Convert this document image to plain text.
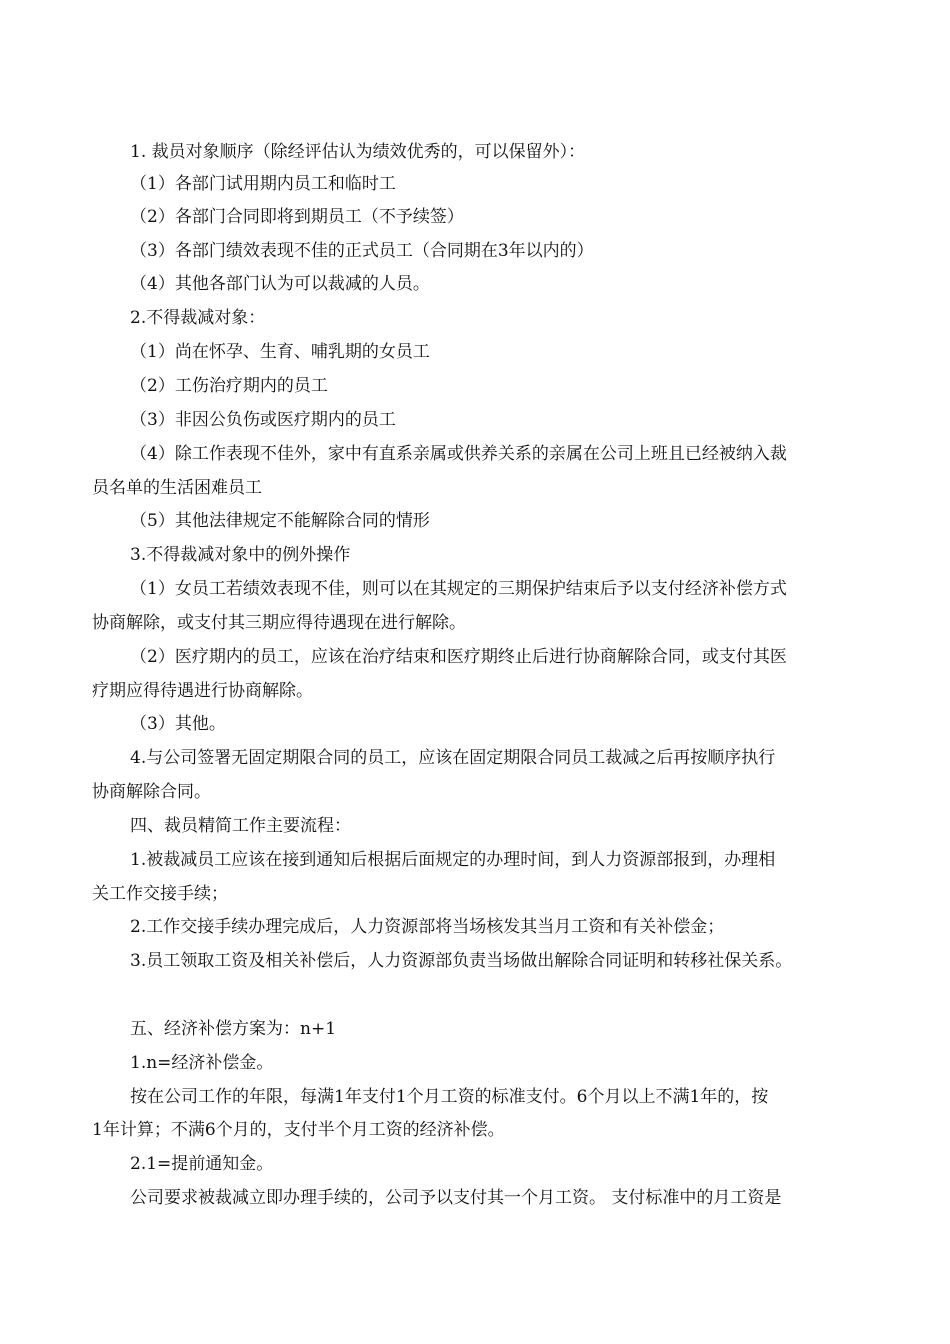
1. 裁员对象顺序（除经评估认为绩效优秀的，可以保留外）：

（1）各部门试用期内员工和临时工

（2）各部门合同即将到期员工（不予续签）

（3）各部门绩效表现不佳的正式员工（合同期在3年以内的）

（4）其他各部门认为可以裁减的人员。

2.不得裁减对象：

（1）尚在怀孕、生育、哺乳期的女员工

（2）工伤治疗期内的员工

（3）非因公负伤或医疗期内的员工

（4）除工作表现不佳外，家中有直系亲属或供养关系的亲属在公司上班且已经被纳入裁

员名单的生活困难员工

（5）其他法律规定不能解除合同的情形

3.不得裁减对象中的例外操作

（1）女员工若绩效表现不佳，则可以在其规定的三期保护结束后予以支付经济补偿方式

协商解除，或支付其三期应得待遇现在进行解除。

（2）医疗期内的员工，应该在治疗结束和医疗期终止后进行协商解除合同，或支付其医

疗期应得待遇进行协商解除。

（3）其他。

4.与公司签署无固定期限合同的员工，应该在固定期限合同员工裁减之后再按顺序执行

协商解除合同。

四、裁员精简工作主要流程：

1.被裁减员工应该在接到通知后根据后面规定的办理时间，到人力资源部报到，办理相

关工作交接手续；

2.工作交接手续办理完成后，人力资源部将当场核发其当月工资和有关补偿金；

3.员工领取工资及相关补偿后，人力资源部负责当场做出解除合同证明和转移社保关系。

五、经济补偿方案为：n+1

1.n=经济补偿金。

按在公司工作的年限，每满1年支付1个月工资的标准支付。6个月以上不满1年的，按

1年计算；不满6个月的，支付半个月工资的经济补偿。

2.1=提前通知金。

公司要求被裁减立即办理手续的，公司予以支付其一个月工资。 支付标准中的月工资是
